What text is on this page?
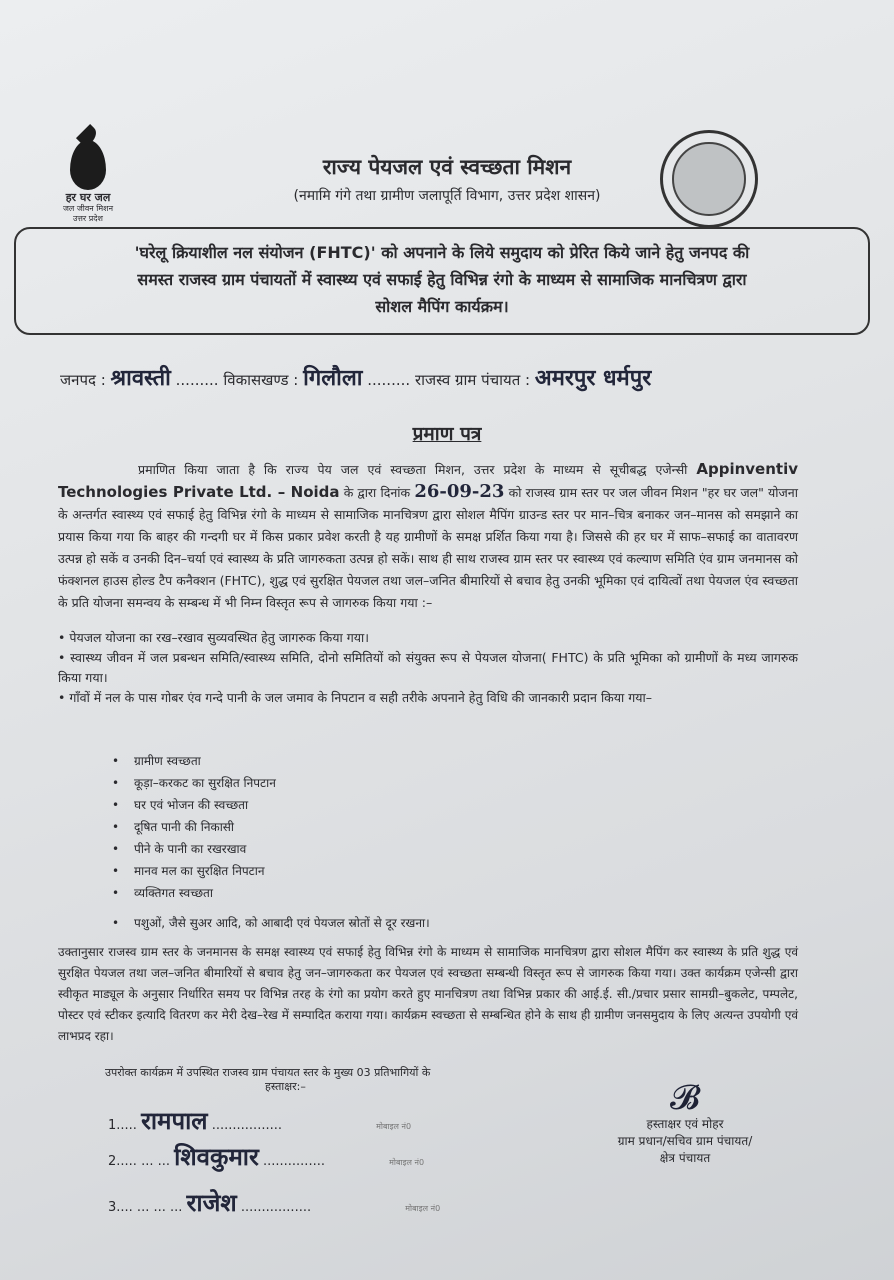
हर घर जल
जल जीवन मिशन
उत्तर प्रदेश
राज्य पेयजल एवं स्वच्छता मिशन
(नमामि गंगे तथा ग्रामीण जलापूर्ति विभाग, उत्तर प्रदेश शासन)
'घरेलू क्रियाशील नल संयोजन (FHTC)' को अपनाने के लिये समुदाय को प्रेरित किये जाने हेतु जनपद की
समस्त राजस्व ग्राम पंचायतों में स्वास्थ्य एवं सफाई हेतु विभिन्न रंगो के माध्यम से सामाजिक मानचित्रण द्वारा
सोशल मैपिंग कार्यक्रम।
जनपद : श्रावस्ती ......... विकासखण्ड : गिलौला ......... राजस्व ग्राम पंचायत : अमरपुर धर्मपुर
प्रमाण पत्र
प्रमाणित किया जाता है कि राज्य पेय जल एवं स्वच्छता मिशन, उत्तर प्रदेश के माध्यम से सूचीबद्ध एजेन्सी Appinventiv Technologies Private Ltd. – Noida के द्वारा दिनांक 26-09-23 को राजस्व ग्राम स्तर पर जल जीवन मिशन "हर घर जल" योजना के अन्तर्गत स्वास्थ्य एवं सफाई हेतु विभिन्न रंगो के माध्यम से सामाजिक मानचित्रण द्वारा सोशल मैपिंग ग्राउन्ड स्तर पर मान–चित्र बनाकर जन–मानस को समझाने का प्रयास किया गया कि बाहर की गन्दगी घर में किस प्रकार प्रवेश करती है यह ग्रामीणों के समक्ष प्रर्शित किया गया है। जिससे की हर घर में साफ–सफाई का वातावरण उत्पन्न हो सकें व उनकी दिन–चर्या एवं स्वास्थ्य के प्रति जागरुकता उत्पन्न हो सकें। साथ ही साथ राजस्व ग्राम स्तर पर स्वास्थ्य एवं कल्याण समिति एंव ग्राम जनमानस को फंक्शनल हाउस होल्ड टैप कनैक्शन (FHTC), शुद्ध एवं सुरक्षित पेयजल तथा जल–जनित बीमारियों से बचाव हेतु उनकी भूमिका एवं दायित्वों तथा पेयजल एंव स्वच्छता के प्रति योजना समन्वय के सम्बन्ध में भी निम्न विस्तृत रूप से जागरुक किया गया :–
• पेयजल योजना का रख–रखाव सुव्यवस्थित हेतु जागरुक किया गया।
• स्वास्थ्य जीवन में जल प्रबन्धन समिति/स्वास्थ्य समिति, दोनो समितियों को संयुक्त रूप से पेयजल योजना( FHTC) के प्रति भूमिका को ग्रामीणों के मध्य जागरुक किया गया।
• गाँवों में नल के पास गोबर एंव गन्दे पानी के जल जमाव के निपटान व सही तरीके अपनाने हेतु विधि की जानकारी प्रदान किया गया–
• ग्रामीण स्वच्छता
• कूड़ा–करकट का सुरक्षित निपटान
• घर एवं भोजन की स्वच्छता
• दूषित पानी की निकासी
• पीने के पानी का रखरखाव
• मानव मल का सुरक्षित निपटान
• व्यक्तिगत स्वच्छता
• पशुओं, जैसे सुअर आदि, को आबादी एवं पेयजल स्रोतों से दूर रखना।
उक्तानुसार राजस्व ग्राम स्तर के जनमानस के समक्ष स्वास्थ्य एवं सफाई हेतु विभिन्न रंगो के माध्यम से सामाजिक मानचित्रण द्वारा सोशल मैपिंग कर स्वास्थ्य के प्रति शुद्ध एवं सुरक्षित पेयजल तथा जल–जनित बीमारियों से बचाव हेतु जन–जागरुकता कर पेयजल एवं स्वच्छता सम्बन्धी विस्तृत रूप से जागरुक किया गया। उक्त कार्यक्रम एजेन्सी द्वारा स्वीकृत माड्यूल के अनुसार निर्धारित समय पर विभिन्न तरह के रंगो का प्रयोग करते हुए मानचित्रण तथा विभिन्न प्रकार की आई.ई. सी./प्रचार प्रसार सामग्री–बुकलेट, पम्पलेट, पोस्टर एवं स्टीकर इत्यादि वितरण कर मेरी देख–रेख में सम्पादित कराया गया। कार्यक्रम स्वच्छता से सम्बन्धित होने के साथ ही ग्रामीण जनसमुदाय के लिए अत्यन्त उपयोगी एवं लाभप्रद रहा।
उपरोक्त कार्यक्रम में उपस्थित राजस्व ग्राम पंचायत स्तर के मुख्य 03 प्रतिभागियों के
हस्ताक्षर:–
1..... रामपाल .................	मोबाइल नं0
2..... ... ... शिवकुमार ...............	मोबाइल नं0
3.... ... ... ... राजेश .................	मोबाइल नं0
𝓑
हस्ताक्षर एवं मोहर
ग्राम प्रधान/सचिव ग्राम पंचायत/
क्षेत्र पंचायत
